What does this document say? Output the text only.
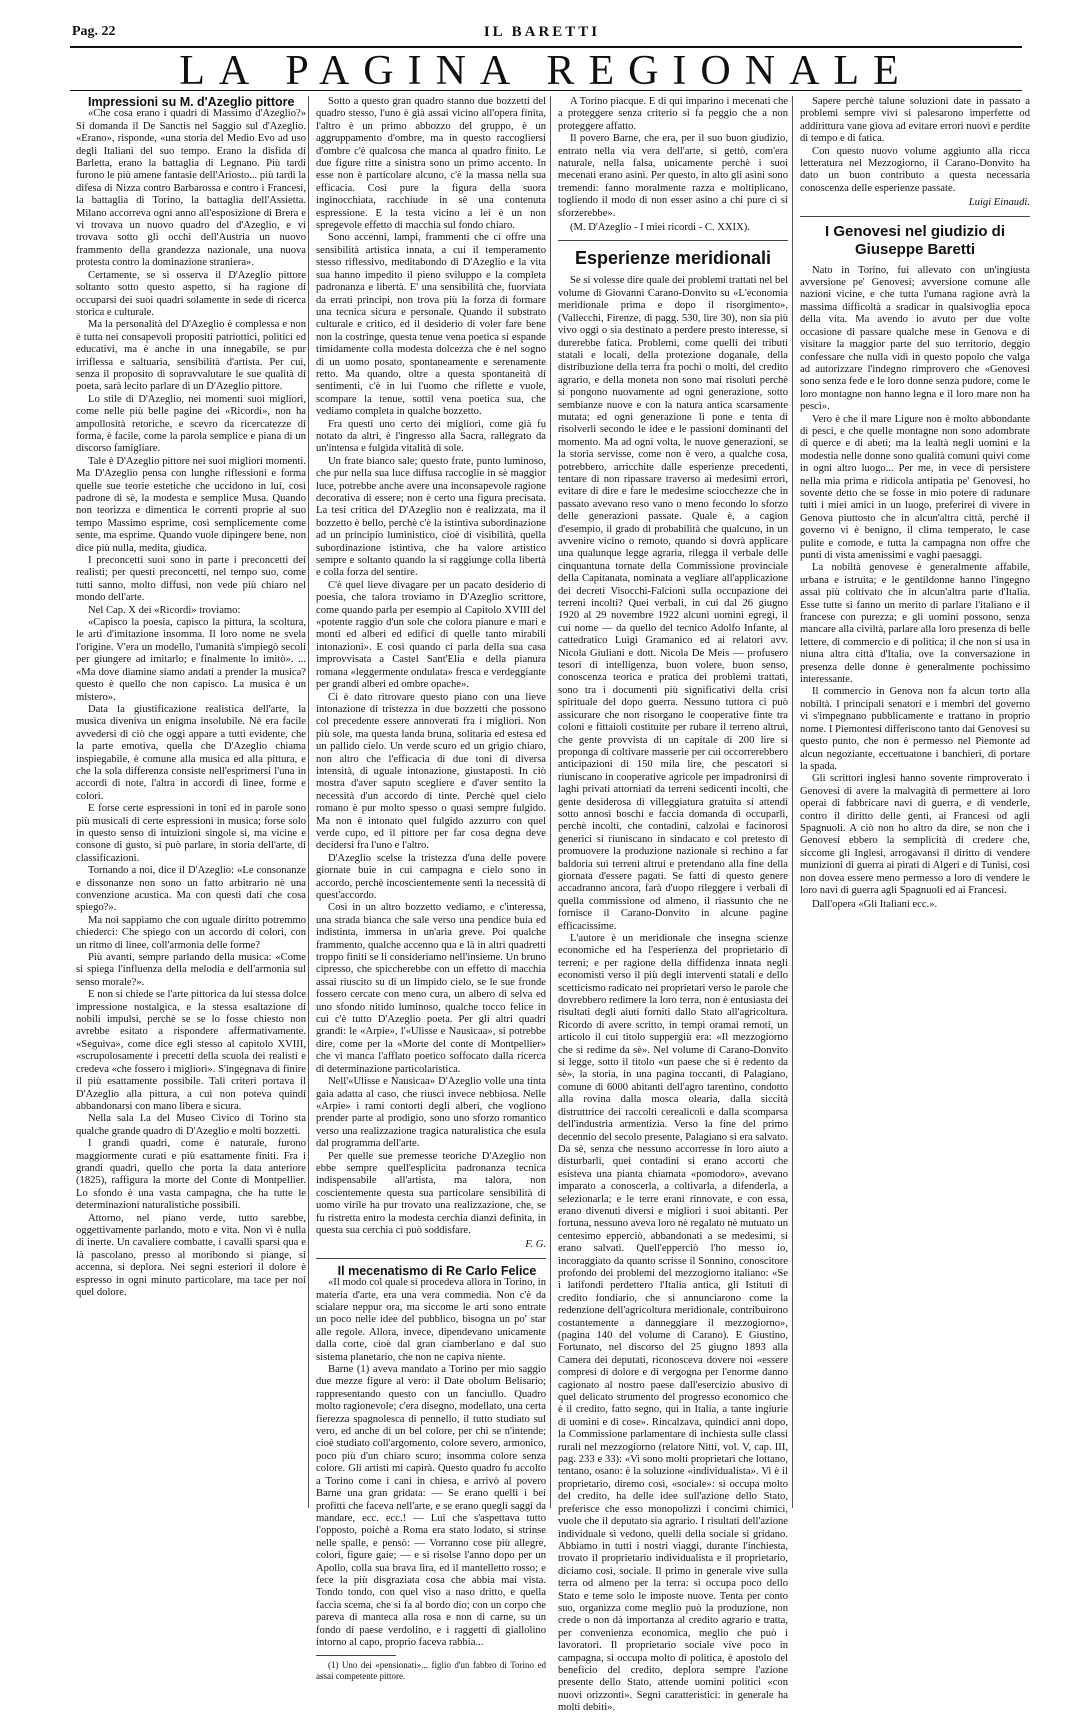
Pag. 22	IL BARETTI
LA PAGINA REGIONALE

Impressioni su M. d'Azeglio pittore

«Che cosa erano i quadri di Massimo d'Azeglio?» Si domanda il De Sanctis nel Saggio sul d'Azeglio. «Erano», risponde, «una storia del Medio Evo ad uso degli Italiani del suo tempo. Erano la disfida di Barletta, erano la battaglia di Legnano. Più tardi furono le più amene fantasie dell'Ariosto... più tardi la difesa di Nizza contro Barbarossa e contro i Francesi, la battaglia di Torino, la battaglia dell'Assietta. Milano accorreva ogni anno all'esposizione di Brera e vi trovava un nuovo quadro del d'Azeglio, e vi trovava sotto gli occhi dell'Austria un nuovo frammento della grandezza nazionale, una nuova protesta contro la dominazione straniera».

Certamente, se si osserva il D'Azeglio pittore soltanto sotto questo aspetto, si ha ragione di occuparsi dei suoi quadri solamente in sede di ricerca storica e culturale.

Ma la personalità del D'Azeglio è complessa e non è tutta nei consapevoli propositi patriottici, politici ed educativi, ma è anche in una innegabile, se pur irriflessa e saltuaria, sensibilità d'artista. Per cui, senza il proposito di sopravvalutare le sue qualità di poeta, sarà lecito parlare di un D'Azeglio pittore.

Lo stile di D'Azeglio, nei momenti suoi migliori, come nelle più belle pagine dei «Ricordi», non ha ampollosità retoriche, e scevro da ricercatezze di forma, è facile, come la parola semplice e piana di un discorso famigliare.

Tale è D'Azeglio pittore nei suoi migliori momenti. Ma D'Azeglio pensa con lunghe riflessioni e forma quelle sue teorie estetiche che uccidono in lui, così padrone di sè, la modesta e semplice Musa. Quando non teorizza e dimentica le correnti proprie al suo tempo Massimo esprime, così semplicemente come sente, ma esprime. Quando vuole dipingere bene, non dice più nulla, medita, giudica.

I preconcetti suoi sono in parte i preconcetti dei realisti; per questi preconcetti, nel tempo suo, come tutti sanno, molto diffusi, non vede più chiaro nel mondo dell'arte.

Nel Cap. X dei «Ricordi» troviamo:

«Capisco la poesia, capisco la pittura, la scoltura, le arti d'imitazione insomma. Il loro nome ne svela l'origine. V'era un modello, l'umanità s'impiegò secoli per giungere ad imitarlo; e finalmente lo imitò». ... «Ma dove diamine siamo andati a prender la musica? questo è quello che non capisco. La musica è un mistero».

Data la giustificazione realistica dell'arte, la musica diveniva un enigma insolubile. Nè era facile avvedersi di ciò che oggi appare a tutti evidente, che la parte emotiva, quella che D'Azeglio chiama inspiegabile, è comune alla musica ed alla pittura, e che la sola differenza consiste nell'esprimersi l'una in accordi di note, l'altra in accordi di linee, forme e colori.

E forse certe espressioni in toni ed in parole sono più musicali di certe espressioni in musica; forse solo in questo senso di intuizioni singole si, ma vicine e consone di gusto, si può parlare, in storia dell'arte, di classificazioni.

Tornando a noi, dice il D'Azeglio: «Le consonanze e dissonanze non sono un fatto arbitrario nè una convenzione acustica. Ma con questi dati che cosa spiego?».

Ma noi sappiamo che con uguale diritto potremmo chiederci: Che spiego con un accordo di colori, con un ritmo di linee, coll'armonia delle forme?

Più avanti, sempre parlando della musica: «Come si spiega l'influenza della melodia e dell'armonia sul senso morale?».

E non si chiede se l'arte pittorica da lui stessa dolce impressione nostalgica, e la stessa esaltazione di nobili impulsi, perchè se se lo fosse chiesto non avrebbe esitato a rispondere affermativamente. «Seguiva», come dice egli stesso al capitolo XVIII, «scrupolosamente i precetti della scuola dei realisti e credeva «che fossero i migliori». S'ingegnava di finire il più esattamente possibile. Tali criteri portava il D'Azeglio alla pittura, a cui non poteva quindi abbandonarsi con mano libera e sicura.

Nella sala I.a del Museo Civico di Torino sta qualche grande quadro di D'Azeglio e molti bozzetti.

I grandi quadri, come è naturale, furono maggiormente curati e più esattamente finiti. Fra i grandi quadri, quello che porta la data anteriore (1825), raffigura la morte del Conte di Montpellier. Lo sfondo è una vasta campagna, che ha tutte le determinazioni naturalistiche possibili.

Attorno, nel piano verde, tutto sarebbe, oggettivamente parlando, moto e vita. Non vi è nulla di inerte. Un cavaliere combatte, i cavalli sparsi qua e là pascolano, presso al moribondo si piange, si accenna, si deplora. Nei segni esteriori il dolore è espresso in ogni minuto particolare, ma tace per noi quel dolore.

Sotto a questo gran quadro stanno due bozzetti del quadro stesso, l'uno è già assai vicino all'opera finita, l'altro è un primo abbozzo del gruppo, è un aggruppamento d'ombre, ma in questo raccogliersi d'ombre c'è qualcosa che manca al quadro finito. Le due figure ritte a sinistra sono un primo accento. In esse non è particolare alcuno, c'è la massa nella sua efficacia. Così pure la figura della suora inginocchiata, racchiude in sè una contenuta espressione. E la testa vicino a lei è un non spregevole effetto di macchia sul fondo chiaro.

Sono accenni, lampi, frammenti che ci offre una sensibilità artistica innata, a cui il temperamento stesso riflessivo, meditabondo di D'Azeglio e la vita sua hanno impedito il pieno sviluppo e la completa padronanza e libertà. E' una sensibilità che, fuorviata da errati principi, non trova più la forza di formare una tecnica sicura e personale. Quando il substrato culturale e critico, ed il desiderio di voler fare bene non la costringe, questa tenue vena poetica si espande timidamente colla modesta dolcezza che è nel sogno di un uomo posato, spontaneamente e serenamente retto. Ma quando, oltre a questa spontaneità di sentimenti, c'è in lui l'uomo che riflette e vuole, scompare la tenue, sottil vena poetica sua, che vediamo completa in qualche bozzetto.

Fra questi uno certo dei migliori, come già fu notato da altri, è l'ingresso alla Sacra, rallegrato da un'intensa e fulgida vitalità di sole.

Un frate bianco sale; questo frate, punto luminoso, che pur nella sua luce diffusa raccoglie in sè maggior luce, potrebbe anche avere una inconsapevole ragione decorativa di essere; non è certo una figura precisata. La tesi critica del D'Azeglio non è realizzata, ma il bozzetto è bello, perchè c'è la istintiva subordinazione ad un principio luministico, cioè di visibilità, quella subordinazione istintiva, che ha valore artistico sempre e soltanto quando la si raggiunge colla libertà e colla forza del sentire.

C'è quel lieve divagare per un pacato desiderio di poesia, che talora troviamo in D'Azeglio scrittore, come quando parla per esempio al Capitolo XVIII del «potente raggio d'un sole che colora pianure e mari e monti ed alberi ed edifici di quelle tanto mirabili intonazioni». E così quando ci parla della sua casa improvvisata a Castel Sant'Elia e della pianura romana «leggermente ondulata» fresca e verdeggiante per grandi alberi ed ombre opache».

Ci è dato ritrovare questo piano con una lieve intonazione di tristezza in due bozzetti che possono col precedente essere annoverati fra i migliori. Non più sole, ma questa landa bruna, solitaria ed estesa ed un pallido cielo. Un verde scuro ed un grigio chiaro, non altro che l'efficacia di due toni di diversa intensità, di uguale intonazione, giustaposti. In ciò mostra d'aver saputo scegliere e d'aver sentito la necessità d'un accordo di tinte. Perchè quel cielo romano è pur molto spesso o quasi sempre fulgido. Ma non è intonato quel fulgido azzurro con quel verde cupo, ed il pittore per far cosa degna deve decidersi fra l'uno e l'altro.

D'Azeglio scelse la tristezza d'una delle povere giornate buie in cui campagna e cielo sono in accordo, perchè incoscientemente sentì la necessità di quest'accordo.

Così in un altro bozzetto vediamo, e c'interessa, una strada bianca che sale verso una pendice buia ed indistinta, immersa in un'aria greve. Poi qualche frammento, qualche accenno qua e là in altri quadretti troppo finiti se li consideriamo nell'insieme. Un bruno cipresso, che spiccherebbe con un effetto di macchia assai riuscito su di un limpido cielo, se le sue fronde fossero cercate con meno cura, un albero di selva ed uno sfondo nitido luminoso, qualche tocco felice in cui c'è tutto D'Azeglio poeta. Per gli altri quadri grandi: le «Arpie», l'«Ulisse e Nausicaa», si potrebbe dire, come per la «Morte del conte di Montpellier» che vi manca l'afflato poetico soffocato dalla ricerca di determinazione particolaristica.

Nell'«Ulisse e Nausicaa» D'Azeglio volle una tinta gaia adatta al caso, che riuscì invece nebbiosa. Nelle «Arpie» i rami contorti degli alberi, che vogliono prender parte al prodigio, sono uno sforzo romantico verso una realizzazione tragica naturalistica che esula dal programma dell'arte.

Per quelle sue premesse teoriche D'Azeglio non ebbe sempre quell'esplicita padronanza tecnica indispensabile all'artista, ma talora, non coscientemente questa sua particolare sensibilità di uomo virile ha pur trovato una realizzazione, che, se fu ristretta entro la modesta cerchia dianzi definita, in questa sua cerchia ci può soddisfare.

F. G.

Il mecenatismo di Re Carlo Felice

«Il modo col quale si procedeva allora in Torino, in materia d'arte, era una vera commedia. Non c'è da scialare neppur ora, ma siccome le arti sono entrate un poco nelle idee del pubblico, bisogna un po' star alle regole. Allora, invece, dipendevano unicamente dalla corte, cioè dal gran ciamberlano e dal suo sistema planetario, che non ne capiva niente.

Barne (1) aveva mandato a Torino per mio saggio due mezze figure al vero: il Date obolum Belisario; rappresentando questo con un fanciullo. Quadro molto ragionevole; c'era disegno, modellato, una certa fierezza spagnolesca di pennello, il tutto studiato sul vero, ed anche di un bel colore, per chi se n'intende; cioè studiato coll'argomento, colore severo, armonico, poco più d'un chiaro scuro; insomma colore senza colore. Gli artisti mi capirà. Questo quadro fu accolto a Torino come i cani in chiesa, e arrivò al povero Barne una gran gridata: — Se erano quelli i bei profitti che faceva nell'arte, e se erano quegli saggi da mandare, ecc. ecc.! — Lui che s'aspettava tutto l'opposto, poichè a Roma era stato lodato, si strinse nelle spalle, e pensò: — Vorranno cose più allegre, colori, figure gaie; — e si risolse l'anno dopo per un Apollo, colla sua brava lira, ed il mantelletto rosso; e fece la più disgraziata cosa che abbia mai vista. Tondo tondo, con quel viso a naso dritto, e quella faccia scema, che si fa al bordo dio; con un corpo che pareva di manteca alla rosa e non di carne, su un fondo di paese verdolino, e i raggetti di giallolino intorno al capo, proprio faceva rabbia...

(1) Uno dei «pensionati»... figlio d'un fabbro di Torino ed assai competente pittore.

A Torino piacque. E di qui imparino i mecenati che a proteggere senza criterio si fa peggio che a non proteggere affatto.

Il povero Barne, che era, per il suo buon giudizio, entrato nella via vera dell'arte, si gettò, com'era naturale, nella falsa, unicamente perchè i suoi mecenati erano asini. Per questo, in alto gli asini sono tremendi: fanno moralmente razza e moltiplicano, togliendo il modo di non esser asino a chi pure ci si sforzerebbe».

(M. D'Azeglio - I miei ricordi - C. XXIX).

Esperienze meridionali

Se si volesse dire quale dei problemi trattati nel bel volume di Giovanni Carano-Donvito su «L'economia meridionale prima e dopo il risorgimento», (Vallecchi, Firenze, di pagg. 530, lire 30), non sia più vivo oggi o sia destinato a perdere presto interesse, si durerebbe fatica. Problemi, come quelli dei tributi statali e locali, della protezione doganale, della distribuzione della terra fra pochi o molti, del credito agrario, e della moneta non sono mai risoluti perchè si pongono nuovamente ad ogni generazione, sotto sembianze nuove e con la natura antica scarsamente mutata; ed ogni generazione li pone e tenta di risolverli secondo le idee e le passioni dominanti del momento. Ma ad ogni volta, le nuove generazioni, se la storia servisse, come non è vero, a qualche cosa, potrebbero, arricchite dalle esperienze precedenti, tentare di non ripassare traverso ai medesimi errori, evitare di dire e fare le medesime sciocchezze che in passato avevano reso vano o meno fecondo lo sforzo delle generazioni passate. Quale è, a cagion d'esempio, il grado di probabilità che qualcuno, in un avvenire vicino o remoto, quando si dovrà applicare una qualunque legge agraria, rilegga il verbale delle cinquantuna tornate della Commissione provinciale della Capitanata, nominata a vegliare all'applicazione dei decreti Visocchi-Falcioni sulla occupazione dei terreni incolti? Quei verbali, in cui dal 26 giugno 1920 al 29 novembre 1922 alcuni uomini egregi, il cui nome — da quello del tecnico Adolfo Infante, al cattedratico Luigi Gramanico ed ai relatori avv. Nicola Giuliani e dott. Nicola De Meis — profusero tesori di intelligenza, buon volere, buon senso, conoscenza teorica e pratica dei problemi trattati, sono tra i documenti più significativi della crisi spirituale del dopo guerra. Nessuno tuttora ci può assicurare che non risorgano le cooperative finte tra coloni e fittaioli costituite per rubare il terreno altrui, che gente provvista di un capitale di 200 lire si proponga di coltivare masserie per cui occorrerebbero anticipazioni di 150 mila lire, che pescatori si riuniscano in cooperative agricole per impadronirsi di laghi privati attorniati da terreni sedicenti incolti, che gente desiderosa di villeggiatura gratuita si attendi sotto annosi boschi e faccia domanda di occuparli, perchè incolti, che contadini, calzolai e facinorosi generici si riuniscano in sindacato e col pretesto di promuovere la produzione nazionale si rechino a far baldoria sui terreni altrui e pretendano alla fine della giornata d'essere pagati. Se fatti di questo genere accadranno ancora, farà d'uopo rileggere i verbali di quella commissione od almeno, il riassunto che ne fornisce il Carano-Donvito in alcune pagine efficacissime.

L'autore è un meridionale che insegna scienze economiche ed ha l'esperienza del proprietario di terreni; e per ragione della diffidenza innata negli economisti verso il più degli interventi statali e dello scetticismo radicato nei proprietari verso le parole che dovrebbero redimere la loro terra, non è entusiasta dei risultati degli aiuti forniti dallo Stato all'agricoltura. Ricordo di avere scritto, in tempi oramai remoti, un articolo il cui titolo suppergiù era: «Il mezzogiorno che si redime da sè». Nel volume di Carano-Donvito si legge, sotto il titolo «un paese che si è redento da sè», la storia, in una pagina toccanti, di Palagiano, comune di 6000 abitanti dell'agro tarentino, condotto alla rovina dalla mosca olearia, dalla siccità distruttrice dei raccolti cerealicoli e dalla scomparsa dell'industria armentizia. Verso la fine del primo decennio del secolo presente, Palagiano si era salvato. Da sè, senza che nessuno accorresse in loro aiuto a disturbarli, quei contadini si erano accorti che esisteva una pianta chiamata «pomodoro», avevano imparato a conoscerla, a coltivarla, a difenderla, a selezionarla; e le terre erani rinnovate, e con essa, erano divenuti diversi e migliori i suoi abitanti. Per fortuna, nessuno aveva loro nè regalato nè mutuato un centesimo epperciò, abbandonati a se medesimi, si erano salvati. Quell'epperciò l'ho messo io, incoraggiato da quanto scrisse il Sonnino, conoscitore profondo dei problemi del mezzogiorno italiano: «Se i latifondi perdettero l'Italia antica, gli Istituti di credito fondiario, che si annunciarono come la redenzione dell'agricoltura meridionale, contribuirono costantemente a danneggiare il mezzogiorno», (pagina 140 del volume di Carano). E Giustino, Fortunato, nel discorso del 25 giugno 1893 alla Camera dei deputati, riconosceva dovere noi «essere compresi di dolore e di vergogna per l'enorme danno cagionato al nostro paese dall'esercizio abusivo di quel delicato strumento del progresso economico che è il credito, fatto segno, qui in Italia, a tante ingiurie di uomini e di cose». Rincalzava, quindici anni dopo, la Commissione parlamentare di inchiesta sulle classi rurali nel mezzogiorno (relatore Nitti, vol. V, cap. III, pag. 233 e 33): «Vi sono molti proprietari che lottano, tentano, osano: è la soluzione «individualista». Vi è il proprietario, diremo così, «sociale»: si occupa molto del credito, ha delle idee sull'azione dello Stato, preferisce che esso monopolizzi i concimi chimici, vuole che il deputato sia agrario. I risultati dell'azione individuale si vedono, quelli della sociale si gridano. Abbiamo in tutti i nostri viaggi, durante l'inchiesta, trovato il proprietario individualista e il proprietario, diciamo così, sociale. Il primo in generale vive sulla terra od almeno per la terra: si occupa poco dello Stato e teme solo le imposte nuove. Tenta per conto suo, organizza come meglio può la produzione, non crede o non dà importanza al credito agrario e tratta, per convenienza economica, meglio che può i lavoratori. Il proprietario sociale vive poco in campagna, si occupa molto di politica, è apostolo del beneficio del credito, deplora sempre l'azione presente dello Stato, attende uomini politici «con nuovi orizzonti». Segni caratteristici: in generale ha molti debiti».

Sapere perchè talune soluzioni date in passato a problemi sempre vivi si palesarono imperfette od addirittura vane giova ad evitare errori nuovi e perdite di tempo e di fatica.

Con questo nuovo volume aggiunto alla ricca letteratura nel Mezzogiorno, il Carano-Donvito ha dato un buon contributo a questa necessaria conoscenza delle esperienze passate.

Luigi Einaudi.

I Genovesi nel giudizio di Giuseppe Baretti

Nato in Torino, fui allevato con un'ingiusta avversione pe' Genovesi; avversione comune alle nazioni vicine, e che tutta l'umana ragione avrà la massima difficoltà a sradicar in qualsivoglia epoca della vita. Ma avendo io avuto per due volte occasione di passare qualche mese in Genova e di visitare la maggior parte del suo territorio, deggio confessare che nulla vidi in questo popolo che valga ad autorizzare l'indegno rimprovero che «Genovesi sono senza fede e le loro donne senza pudore, come le loro montagne non hanno legna e il loro mare non ha pesci».

Vero è che il mare Ligure non è molto abbondante di pesci, e che quelle montagne non sono adombrate di querce e di abeti; ma la lealtà negli uomini e la modestia nelle donne sono qualità comuni quivi come in ogni altro luogo... Per me, in vece di persistere nella mia prima e ridicola antipatia pe' Genovesi, ho sovente detto che se fosse in mio potere di radunare tutti i miei amici in un luogo, preferirei di vivere in Genova piuttosto che in alcun'altra città, perchè il governo vi è benigno, il clima temperato, le case pulite e comode, e tutta la campagna non offre che punti di vista amenissimi e vaghi paesaggi.

La nobiltà genovese è generalmente affabile, urbana e istruita; e le gentildonne hanno l'ingegno assai più coltivato che in alcun'altra parte d'Italia. Esse tutte si fanno un merito di parlare l'italiano e il francese con purezza; e gli uomini possono, senza mancare alla civiltà, parlare alla loro presenza di belle lettere, di commercio e di politica; il che non si usa in niuna altra città d'Italia, ove la conversazione in presenza delle donne è generalmente pochissimo interessante.

Il commercio in Genova non fa alcun torto alla nobiltà. I principali senatori e i membri del governo vi s'impegnano pubblicamente e trattano in proprio nome. I Piemontesi differiscono tanto dai Genovesi su questo punto, che non è permesso nel Piemonte ad alcun negoziante, eccettuatone i banchieri, di portare la spada.

Gli scrittori inglesi hanno sovente rimproverato i Genovesi di avere la malvagità di permettere ai loro operai di fabbricare navi di guerra, e di venderle, contro il diritto delle genti, ai Francesi od agli Spagnuoli. A ciò non ho altro da dire, se non che i Genovesi ebbero la semplicità di credere che, siccome gli Inglesi, arrogavansi il diritto di vendere munizioni di guerra ai pirati di Algeri e di Tunisi, così non dovea essere meno permesso a loro di vendere le loro navi di guerra agli Spagnuoli ed ai Francesi.

Dall'opera «Gli Italiani ecc.».
